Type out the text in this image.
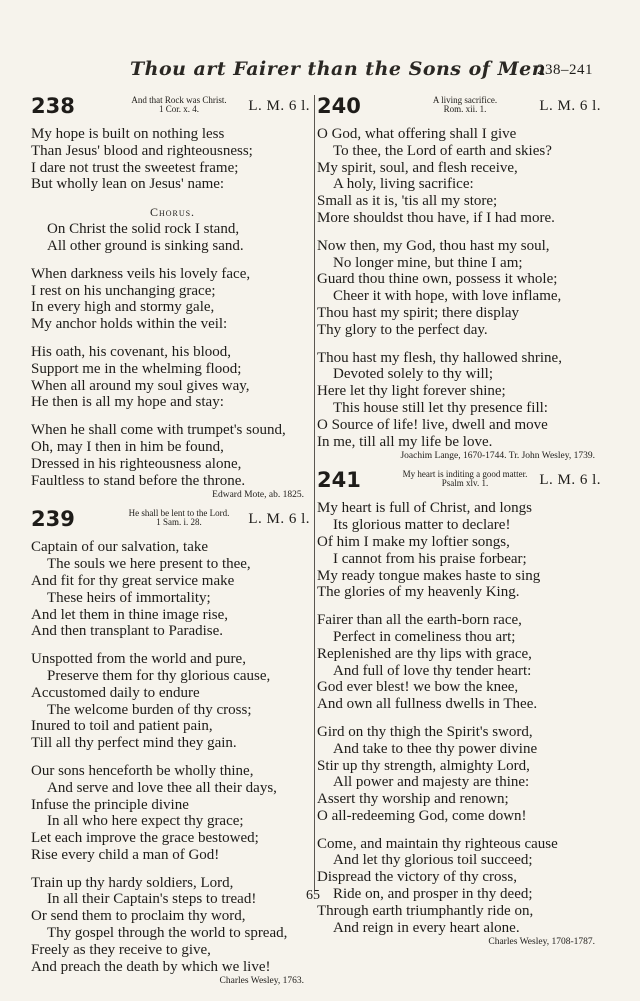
Thou art Fairer than the Sons of Men
238–241
238	And that Rock was Christ.
1 Cor. x. 4.	L. M. 6 l.
My hope is built on nothing less
Than Jesus' blood and righteousness;
I dare not trust the sweetest frame;
But wholly lean on Jesus' name:
Chorus.
On Christ the solid rock I stand,
All other ground is sinking sand.
When darkness veils his lovely face,
I rest on his unchanging grace;
In every high and stormy gale,
My anchor holds within the veil:
His oath, his covenant, his blood,
Support me in the whelming flood;
When all around my soul gives way,
He then is all my hope and stay:
When he shall come with trumpet's sound,
Oh, may I then in him be found,
Dressed in his righteousness alone,
Faultless to stand before the throne.
Edward Mote, ab. 1825.
239	He shall be lent to the Lord.
1 Sam. i. 28.	L. M. 6 l.
Captain of our salvation, take
The souls we here present to thee,
And fit for thy great service make
These heirs of immortality;
And let them in thine image rise,
And then transplant to Paradise.
Unspotted from the world and pure,
Preserve them for thy glorious cause,
Accustomed daily to endure
The welcome burden of thy cross;
Inured to toil and patient pain,
Till all thy perfect mind they gain.
Our sons henceforth be wholly thine,
And serve and love thee all their days,
Infuse the principle divine
In all who here expect thy grace;
Let each improve the grace bestowed;
Rise every child a man of God!
Train up thy hardy soldiers, Lord,
In all their Captain's steps to tread!
Or send them to proclaim thy word,
Thy gospel through the world to spread,
Freely as they receive to give,
And preach the death by which we live!
Charles Wesley, 1763.
240	A living sacrifice.
Rom. xii. 1.	L. M. 6 l.
O God, what offering shall I give
To thee, the Lord of earth and skies?
My spirit, soul, and flesh receive,
A holy, living sacrifice:
Small as it is, 'tis all my store;
More shouldst thou have, if I had more.
Now then, my God, thou hast my soul,
No longer mine, but thine I am;
Guard thou thine own, possess it whole;
Cheer it with hope, with love inflame,
Thou hast my spirit; there display
Thy glory to the perfect day.
Thou hast my flesh, thy hallowed shrine,
Devoted solely to thy will;
Here let thy light forever shine;
This house still let thy presence fill:
O Source of life! live, dwell and move
In me, till all my life be love.
Joachim Lange, 1670-1744. Tr. John Wesley, 1739.
241	My heart is inditing a good matter.
Psalm xlv. 1.	L. M. 6 l.
My heart is full of Christ, and longs
Its glorious matter to declare!
Of him I make my loftier songs,
I cannot from his praise forbear;
My ready tongue makes haste to sing
The glories of my heavenly King.
Fairer than all the earth-born race,
Perfect in comeliness thou art;
Replenished are thy lips with grace,
And full of love thy tender heart:
God ever blest! we bow the knee,
And own all fullness dwells in Thee.
Gird on thy thigh the Spirit's sword,
And take to thee thy power divine
Stir up thy strength, almighty Lord,
All power and majesty are thine:
Assert thy worship and renown;
O all-redeeming God, come down!
Come, and maintain thy righteous cause
And let thy glorious toil succeed;
Dispread the victory of thy cross,
Ride on, and prosper in thy deed;
Through earth triumphantly ride on,
And reign in every heart alone.
Charles Wesley, 1708-1787.
65
